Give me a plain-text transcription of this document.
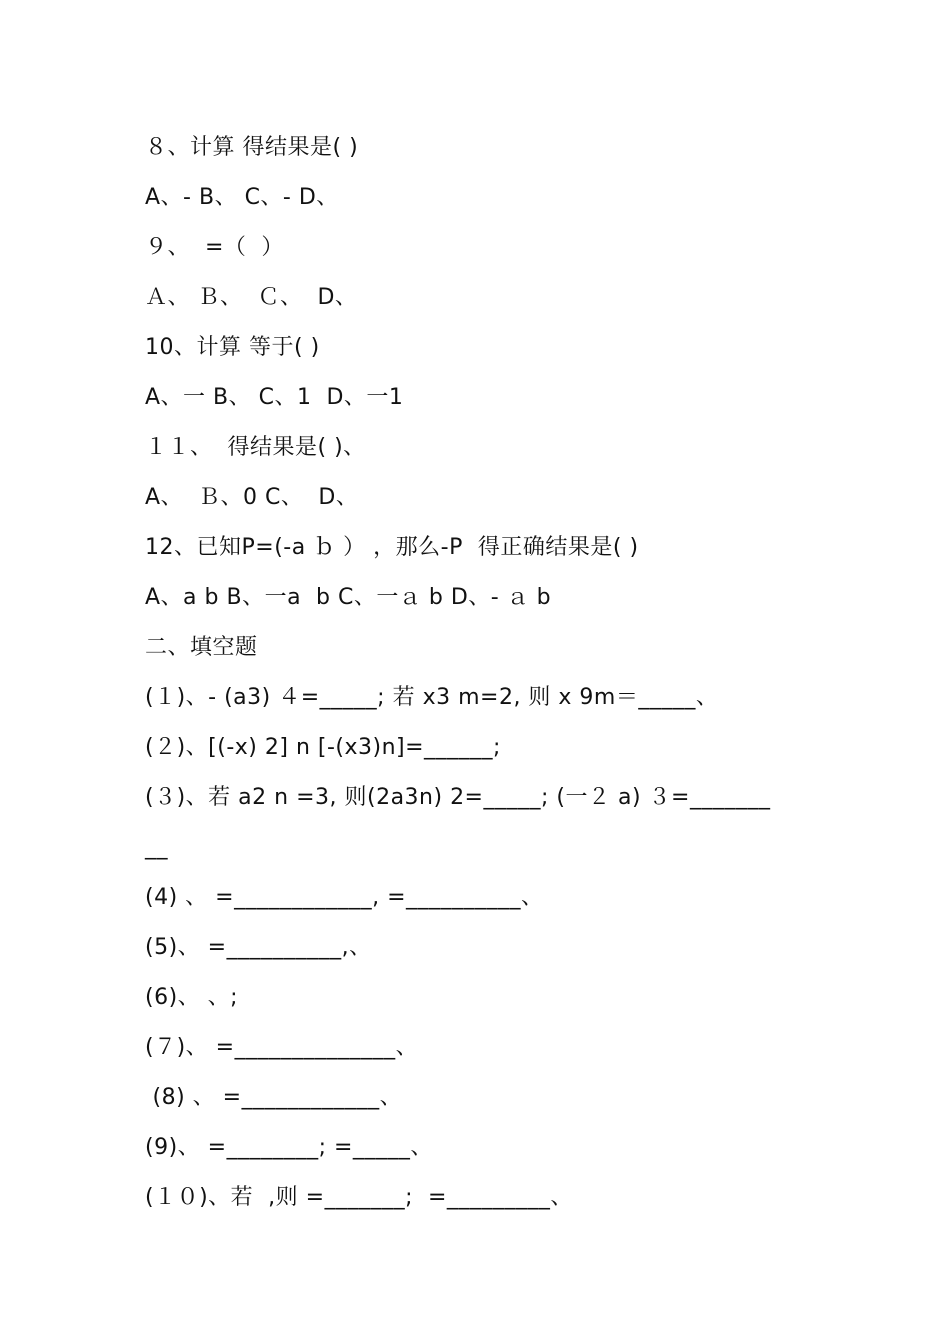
８、计算 得结果是( )
A、- B、 C、- D、
９、  =（  ）
Ａ、 Ｂ、  Ｃ、  D、
10、计算 等于( )
A、一 B、 C、1  D、一1
１１、  得结果是( )、
A、  Ｂ、0 C、  D、
12、已知P=(-a ｂ ） ，那么-P  得正确结果是( )
A、a b B、一a  b C、一ａ b D、- ａ b
二、填空题
(１)、- (a3) ４=_____; 若 x3 m=2, 则 x 9m＝_____、
(２)、[(-x) 2] n [-(x3)n]=______;
(３)、若 a2 n =3, 则(2a3n) 2=_____; (一２ a) ３=_______
__
(4) 、 =____________, =__________、
(5)、 =__________,、
(6)、 、;
(７)、 =______________、
(8) 、 =____________、
(9)、 =________; =_____、
(１０)、若  ,则 =_______;  =_________、
